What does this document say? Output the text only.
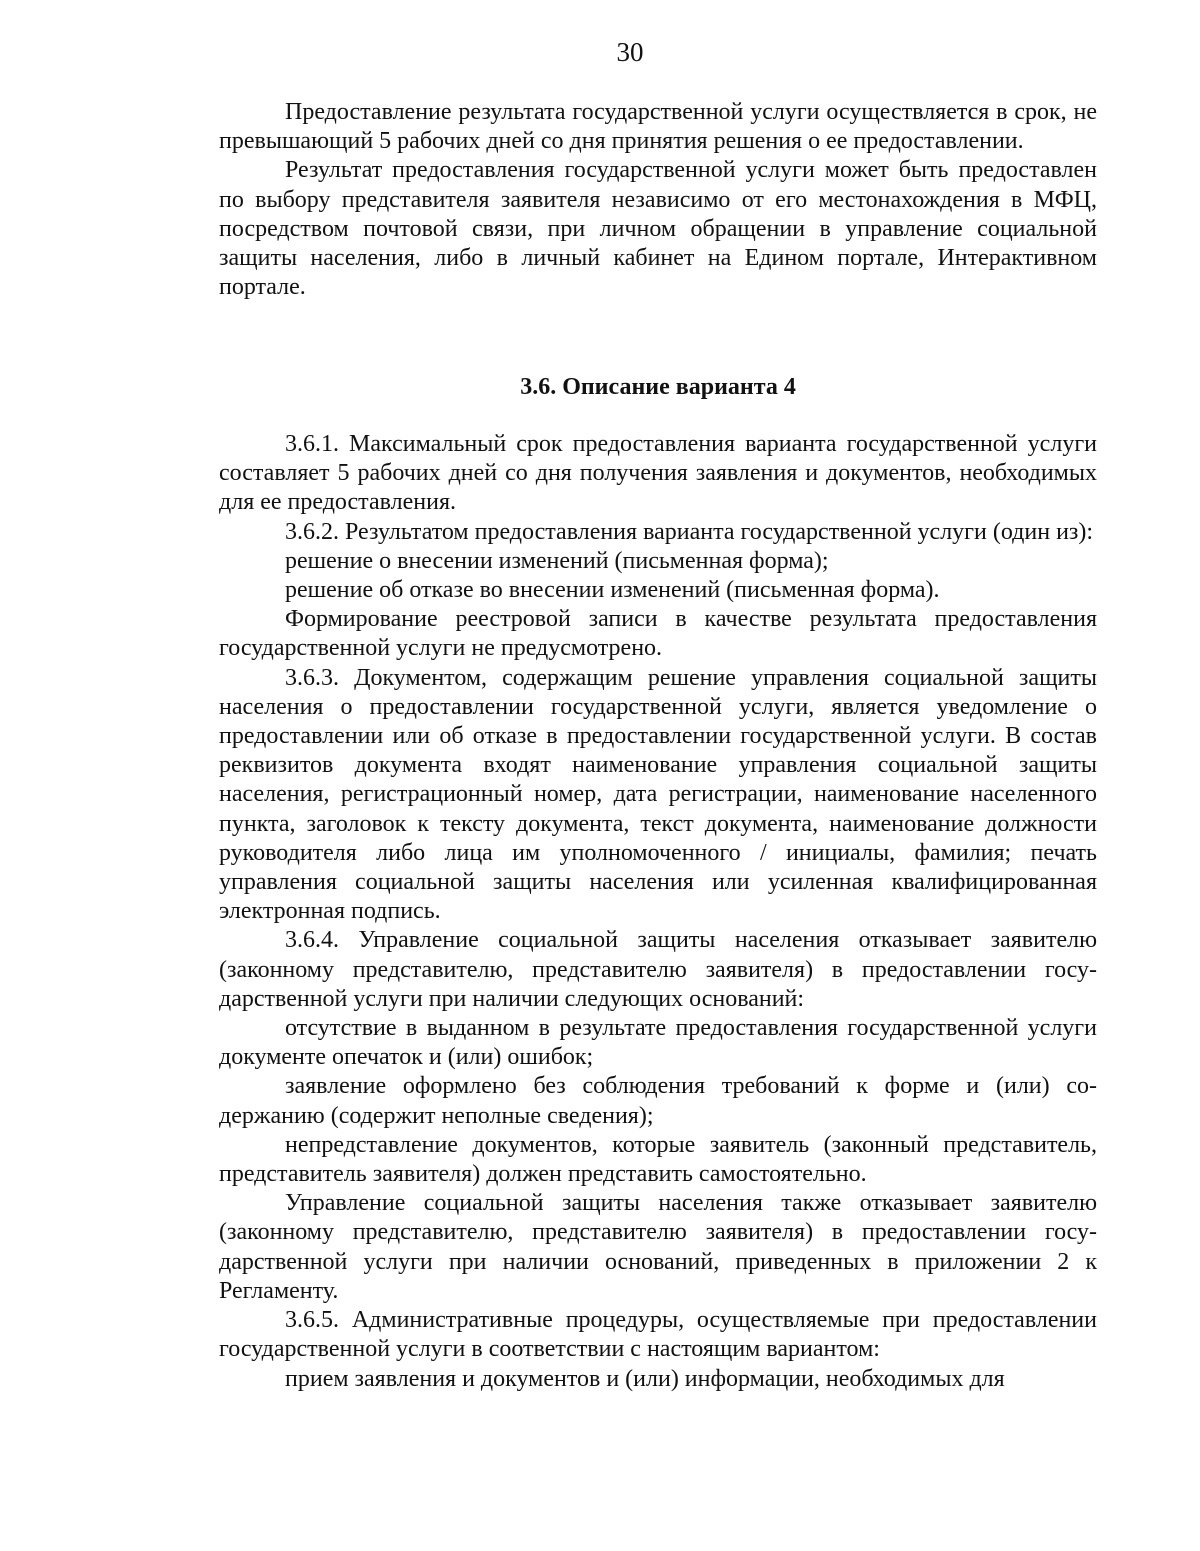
30

Предоставление результата государственной услуги осуществляется в срок, не превышающий 5 рабочих дней со дня принятия решения о ее предоставлении.

Результат предоставления государственной услуги может быть предоставлен по выбору представителя заявителя независимо от его местонахождения в МФЦ, посредством почтовой связи, при личном обращении в управление социальной защиты населения, либо в личный кабинет на Едином портале, Интерактивном портале.

3.6. Описание варианта 4

3.6.1. Максимальный срок предоставления варианта государственной услуги составляет 5 рабочих дней со дня получения заявления и документов, необходимых для ее предоставления.

3.6.2. Результатом предоставления варианта государственной услуги (один из):

решение о внесении изменений (письменная форма);

решение об отказе во внесении изменений (письменная форма).

Формирование реестровой записи в качестве результата предоставления государственной услуги не предусмотрено.

3.6.3. Документом, содержащим решение управления социальной защиты населения о предоставлении государственной услуги, является уведомление о предоставлении или об отказе в предоставлении государственной услуги. В состав реквизитов документа входят наименование управления социальной защиты населения, регистрационный номер, дата регистрации, наименование населенного пункта, заголовок к тексту документа, текст документа, наименование должности руководителя либо лица им уполномоченного / инициалы, фамилия; печать управления социальной защиты населения или усиленная квалифицированная электронная подпись.

3.6.4. Управление социальной защиты населения отказывает заявителю (законному представителю, представителю заявителя) в предоставлении государственной услуги при наличии следующих оснований:

отсутствие в выданном в результате предоставления государственной услуги документе опечаток и (или) ошибок;

заявление оформлено без соблюдения требований к форме и (или) содержанию (содержит неполные сведения);

непредставление документов, которые заявитель (законный представитель, представитель заявителя) должен представить самостоятельно.

Управление социальной защиты населения также отказывает заявителю (законному представителю, представителю заявителя) в предоставлении государственной услуги при наличии оснований, приведенных в приложении 2 к Регламенту.

3.6.5. Административные процедуры, осуществляемые при предоставлении государственной услуги в соответствии с настоящим вариантом:

прием заявления и документов и (или) информации, необходимых для
